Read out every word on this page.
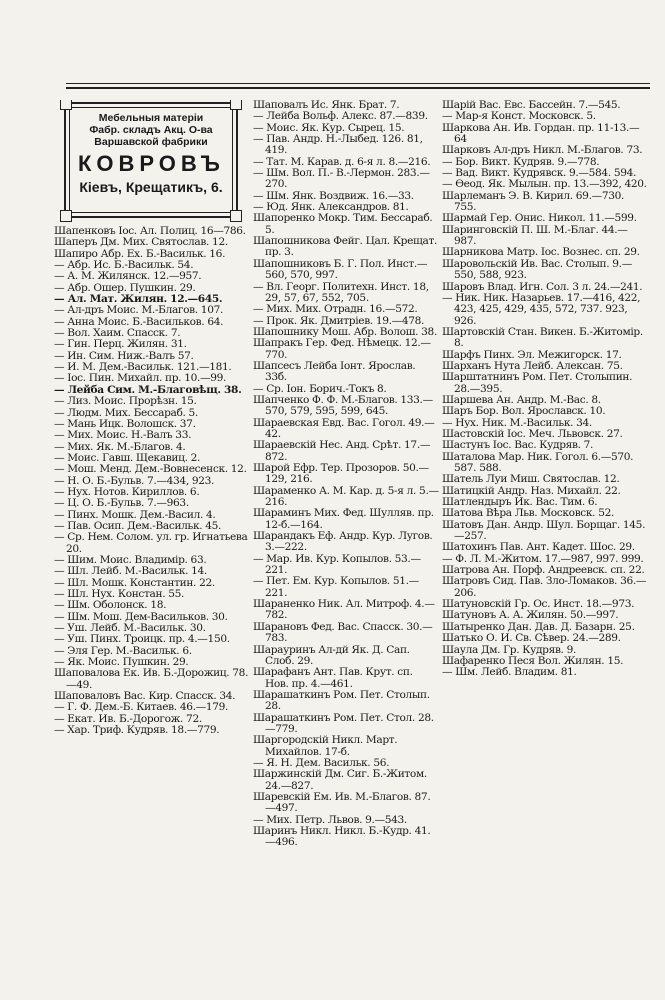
Мебельныя матеріи
Фабр. складъ Акц. О-ва
Варшавской фабрики
КОВРОВЪ
Кіевъ, Крещатикъ, 6.
Шапенковъ Іос. Ал. Полиц. 16—786.
Шаперъ Дм. Мих. Святослав. 12.
Шапиро Абр. Ех. Б.-Васильк. 16.
— Абр. Ис. Б.-Васильк. 54.
— А. М. Жилянск. 12.—957.
— Абр. Ошер. Пушкин. 29.
— Ал. Мат. Жилян. 12.—645.
— Ал-дръ Моис. М.-Благов. 107.
— Анна Моис. Б.-Васильков. 64.
— Вол. Хаим. Спасск. 7.
— Гин. Перц. Жилян. 31.
— Ин. Сим. Ниж.-Валъ 57.
— И. М. Дем.-Васильк. 121.—181.
— Іос. Пин. Михайл. пр. 10.—99.
— Лейба Сим. М.-Благовѣщ. 38.
— Лиз. Моис. Прорѣзн. 15.
— Людм. Мих. Бессараб. 5.
— Мань Ицк. Волошск. 37.
— Мих. Моис. Н.-Валъ 33.
— Мих. Як. М.-Благов. 4.
— Моис. Гавш. Щекавиц. 2.
— Мош. Менд. Дем.-Вовнесенск. 12.
— Н. О. Б.-Бульв. 7.—434, 923.
— Нух. Нотов. Кириллов. 6.
— Ц. О. Б.-Бульв. 7.—963.
— Пинх. Мошк. Дем.-Васил. 4.
— Пав. Осип. Дем.-Васильк. 45.
— Ср. Нем. Солом. ул. гр. Игнатьева 20.
— Шим. Моис. Владимір. 63.
— Шл. Лейб. М.-Васильк. 14.
— Шл. Мошк. Константин. 22.
— Шл. Нух. Констан. 55.
— Шм. Оболонск. 18.
— Шм. Мош. Дем-Васильков. 30.
— Уш. Лейб. М.-Васильк. 30.
— Уш. Пинх. Троицк. пр. 4.—150.
— Эля Гер. М.-Васильк. 6.
— Як. Моис. Пушкин. 29.
Шаповалова Ек. Ив. Б.-Дорожиц. 78.—49.
Шаповаловъ Вас. Кир. Спасск. 34.
— Г. Ф. Дем.-Б. Китаев. 46.—179.
— Екат. Ив. Б.-Дорогож. 72.
— Хар. Триф. Кудряв. 18.—779.
Шаповалъ Ис. Янк. Брат. 7.
— Лейба Вольф. Алекс. 87.—839.
— Моис. Як. Кур. Сырец. 15.
— Пав. Андр. Н.-Лыбед. 126. 81, 419.
— Тат. М. Карав. д. 6-я л. 8.—216.
— Шм. Вол. П.- В.-Лермон. 283.—270.
— Шм. Янк. Воздвиж. 16.—33.
— Юд. Янк. Александров. 81.
Шапоренко Мокр. Тим. Бессараб. 5.
Шапошникова Фейг. Цал. Крещат. пр. 3.
Шапошниковъ Б. Г. Пол. Инст.—560, 570, 997.
— Вл. Георг. Политехн. Инст. 18, 29, 57, 67, 552, 705.
— Мих. Мих. Отрадн. 16.—572.
— Прок. Як. Дмитріев. 19.—478.
Шапошнику Мош. Абр. Волош. 38.
Шапракъ Гер. Фед. Нѣмецк. 12.—770.
Шапсесъ Лейба Іонт. Ярослав. 33б.
— Ср. Іон. Борич.-Токъ 8.
Шапченко Ф. Ф. М.-Благов. 133.—570, 579, 595, 599, 645.
Шараевская Евд. Вас. Гогол. 49.—42.
Шараевскій Нес. Анд. Срѣт. 17.—872.
Шарой Ефр. Тер. Прозоров. 50.—129, 216.
Шараменко А. М. Кар. д. 5-я л. 5.—216.
Шараминъ Мих. Фед. Шулляв. пр. 12-б.—164.
Шарандакъ Еф. Андр. Кур. Лугов. 3.—222.
— Мар. Ив. Кур. Копылов. 53.—221.
— Пет. Ем. Кур. Копылов. 51.—221.
Шараненко Ник. Ал. Митроф. 4.—782.
Шарановъ Фед. Вас. Спасск. 30.—783.
Шарауринъ Ал-дй Як. Д. Сап. Слоб. 29.
Шарафанъ Ант. Пав. Крут. сп. Нов. пр. 4.—461.
Шарашаткинъ Ром. Пет. Столып. 28.
Шарашаткинъ Ром. Пет. Стол. 28.—779.
Шаргородскій Никл. Март. Михайлов. 17-б.
— Я. Н. Дем. Васильк. 56.
Шаржинскій Дм. Сиг. Б.-Житом. 24.—827.
Шаревскій Ем. Ив. М.-Благов. 87.—497.
— Мих. Петр. Львов. 9.—543.
Шаринъ Никл. Никл. Б.-Кудр. 41.—496.
Шарій Вас. Евс. Бассейн. 7.—545.
— Мар-я Конст. Московск. 5.
Шаркова Ан. Ив. Гордан. пр. 11-13.—64
Шарковъ Ал-дръ Никл. М.-Благов. 73.
— Бор. Викт. Кудряв. 9.—778.
— Вад. Викт. Кудрявск. 9.—584. 594.
— Ѳеод. Як. Мылын. пр. 13.—392, 420.
Шарлеманъ Э. В. Кирил. 69.—730. 755.
Шармай Гер. Онис. Никол. 11.—599.
Шаринговскій П. Ш. М.-Благ. 44.—987.
Шарникова Матр. Іос. Вознес. сп. 29.
Шаровольскій Ив. Вас. Столып. 9.—550, 588, 923.
Шаровъ Влад. Игн. Сол. 3 л. 24.—241.
— Ник. Ник. Назарьев. 17.—416, 422, 423, 425, 429, 435, 572, 737. 923, 926.
Шартовскій Стан. Викен. Б.-Житомір. 8.
Шарфъ Пинх. Эл. Межигорск. 17.
Шарханъ Нута Лейб. Алексан. 75.
Шарштатнинъ Ром. Пет. Столыпин. 28.—395.
Шаршева Ан. Андр. М.-Вас. 8.
Шаръ Бор. Вол. Ярославск. 10.
— Нух. Ник. М.-Васильк. 34.
Шастовскій Іос. Меч. Львовск. 27.
Шастунъ Іос. Вас. Кудряв. 7.
Шаталова Мар. Ник. Гогол. 6.—570. 587. 588.
Шатель Луи Миш. Святослав. 12.
Шатицкій Андр. Наз. Михайл. 22.
Шатлендыръ Ик. Вас. Тим. 6.
Шатова Вѣра Льв. Московск. 52.
Шатовъ Дан. Андр. Шул. Борщаг. 145.—257.
Шатохинъ Пав. Ант. Кадет. Шос. 29.
— Ф. Л. М.-Житом. 17.—987, 997. 999.
Шатрова Ан. Порф. Андреевск. сп. 22.
Шатровъ Сид. Пав. Зло-Ломаков. 36.—206.
Шатуновскій Гр. Ос. Инст. 18.—973.
Шатуновъ А. А. Жилян. 50.—997.
Шатыренко Дан. Дав. Д. Базарн. 25.
Шатько О. И. Св. Сѣвер. 24.—289.
Шаула Дм. Гр. Кудряв. 9.
Шафаренко Песя Вол. Жилян. 15.
— Шм. Лейб. Владим. 81.
